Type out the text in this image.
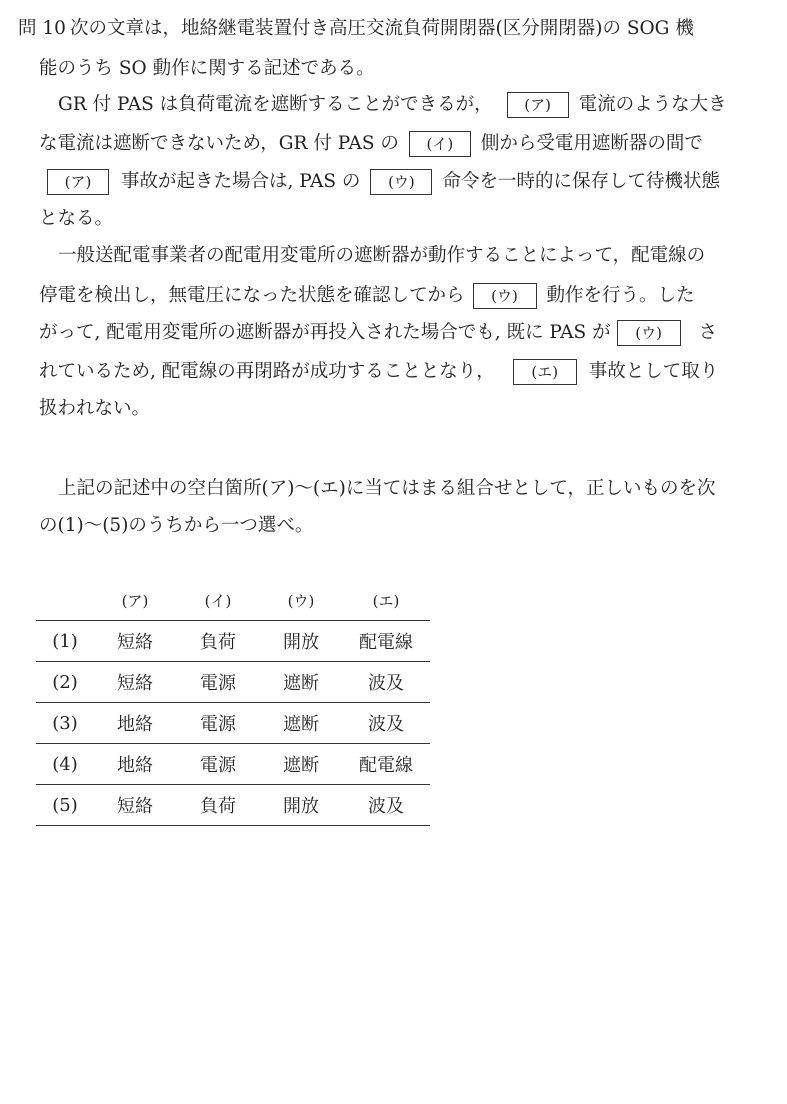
問 10 次の文章は，地絡継電装置付き高圧交流負荷開閉器(区分開閉器)の SOG 機
能のうち SO 動作に関する記述である。
GR 付 PAS は負荷電流を遮断することができるが， (ア) 電流のような大き
な電流は遮断できないため，GR 付 PAS の (イ) 側から受電用遮断器の間で
(ア) 事故が起きた場合は, PAS の (ウ) 命令を一時的に保存して待機状態
となる。
一般送配電事業者の配電用変電所の遮断器が動作することによって，配電線の
停電を検出し，無電圧になった状態を確認してから (ウ) 動作を行う。した
がって, 配電用変電所の遮断器が再投入された場合でも, 既に PAS が (ウ) さ
れているため, 配電線の再閉路が成功することとなり， (エ) 事故として取り
扱われない。
上記の記述中の空白箇所(ア)～(エ)に当てはまる組合せとして，正しいものを次
の(1)～(5)のうちから一つ選べ。
	(ア)	(イ)	(ウ)	(エ)
(1)	短絡	負荷	開放	配電線
(2)	短絡	電源	遮断	波及
(3)	地絡	電源	遮断	波及
(4)	地絡	電源	遮断	配電線
(5)	短絡	負荷	開放	波及
